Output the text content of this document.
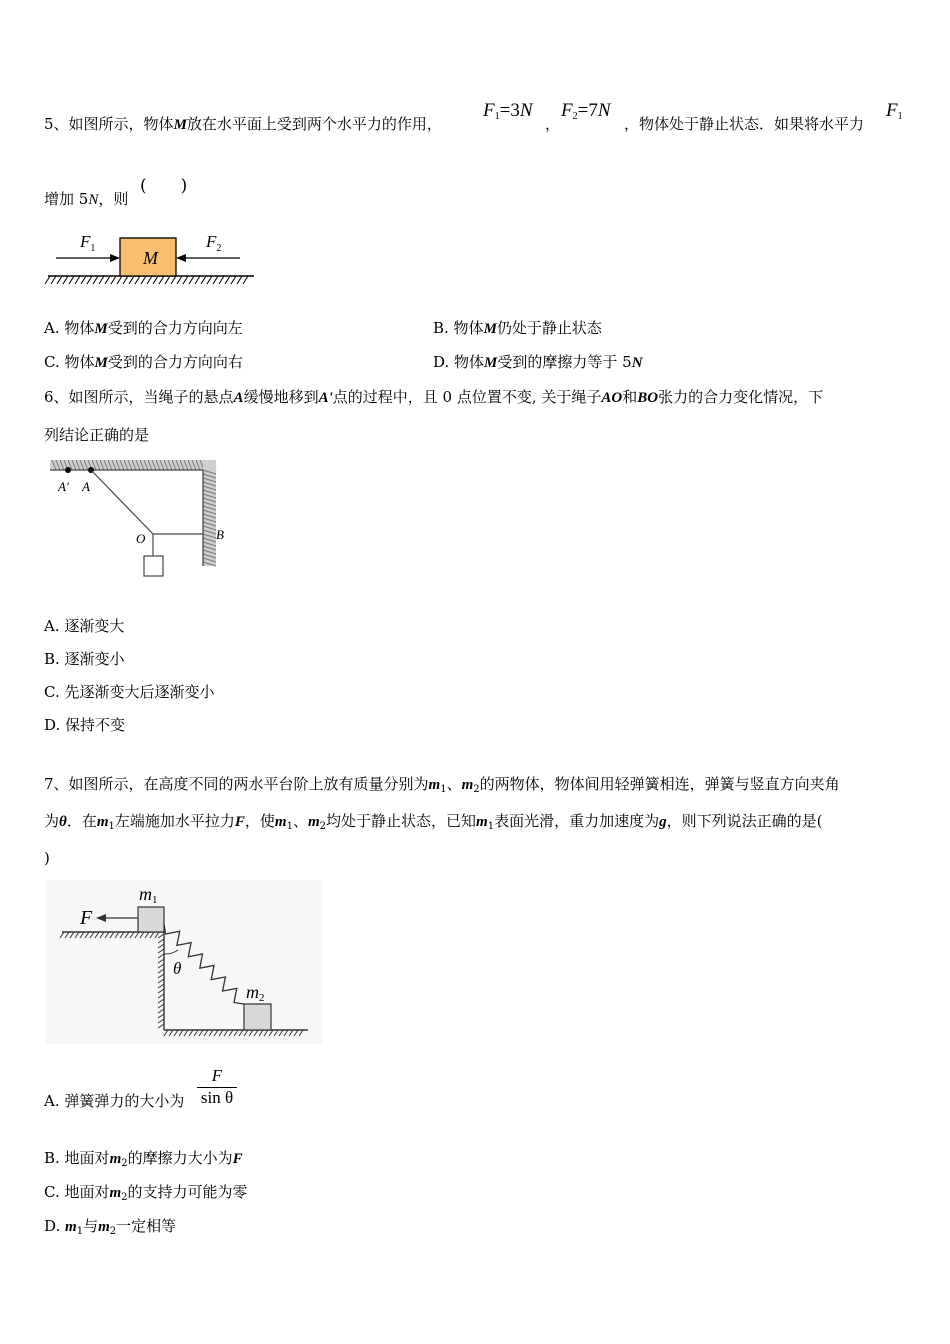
5、如图所示，物体M放在水平面上受到两个水平力的作用，
$F_1=3N$
，
$F_2=7N$
，物体处于静止状态．如果将水平力
$F_1$
增加 5N，则
(　　)
M
$F_1$	$F_2$
A. 物体M受到的合力方向向左	B. 物体M仍处于静止状态
C. 物体M受到的合力方向向右	D. 物体M受到的摩擦力等于 5N
6、如图所示，当绳子的悬点A缓慢地移到A'点的过程中，且 0 点位置不变, 关于绳子AO和BO张力的合力变化情况，下
列结论正确的是
A' A
O	B
A. 逐渐变大
B. 逐渐变小
C. 先逐渐变大后逐渐变小
D. 保持不变
7、如图所示，在高度不同的两水平台阶上放有质量分别为$m_1$、$m_2$的两物体，物体间用轻弹簧相连，弹簧与竖直方向夹角
为θ．在$m_1$左端施加水平拉力F，使$m_1$、$m_2$均处于静止状态，已知$m_1$表面光滑，重力加速度为g，则下列说法正确的是(
)
F
m1
m2
θ
A. 弹簧弹力的大小为 $\frac{F}{\text{sin θ}}$
B. 地面对$m_2$的摩擦力大小为F
C. 地面对$m_2$的支持力可能为零
D. $m_1$与$m_2$一定相等
